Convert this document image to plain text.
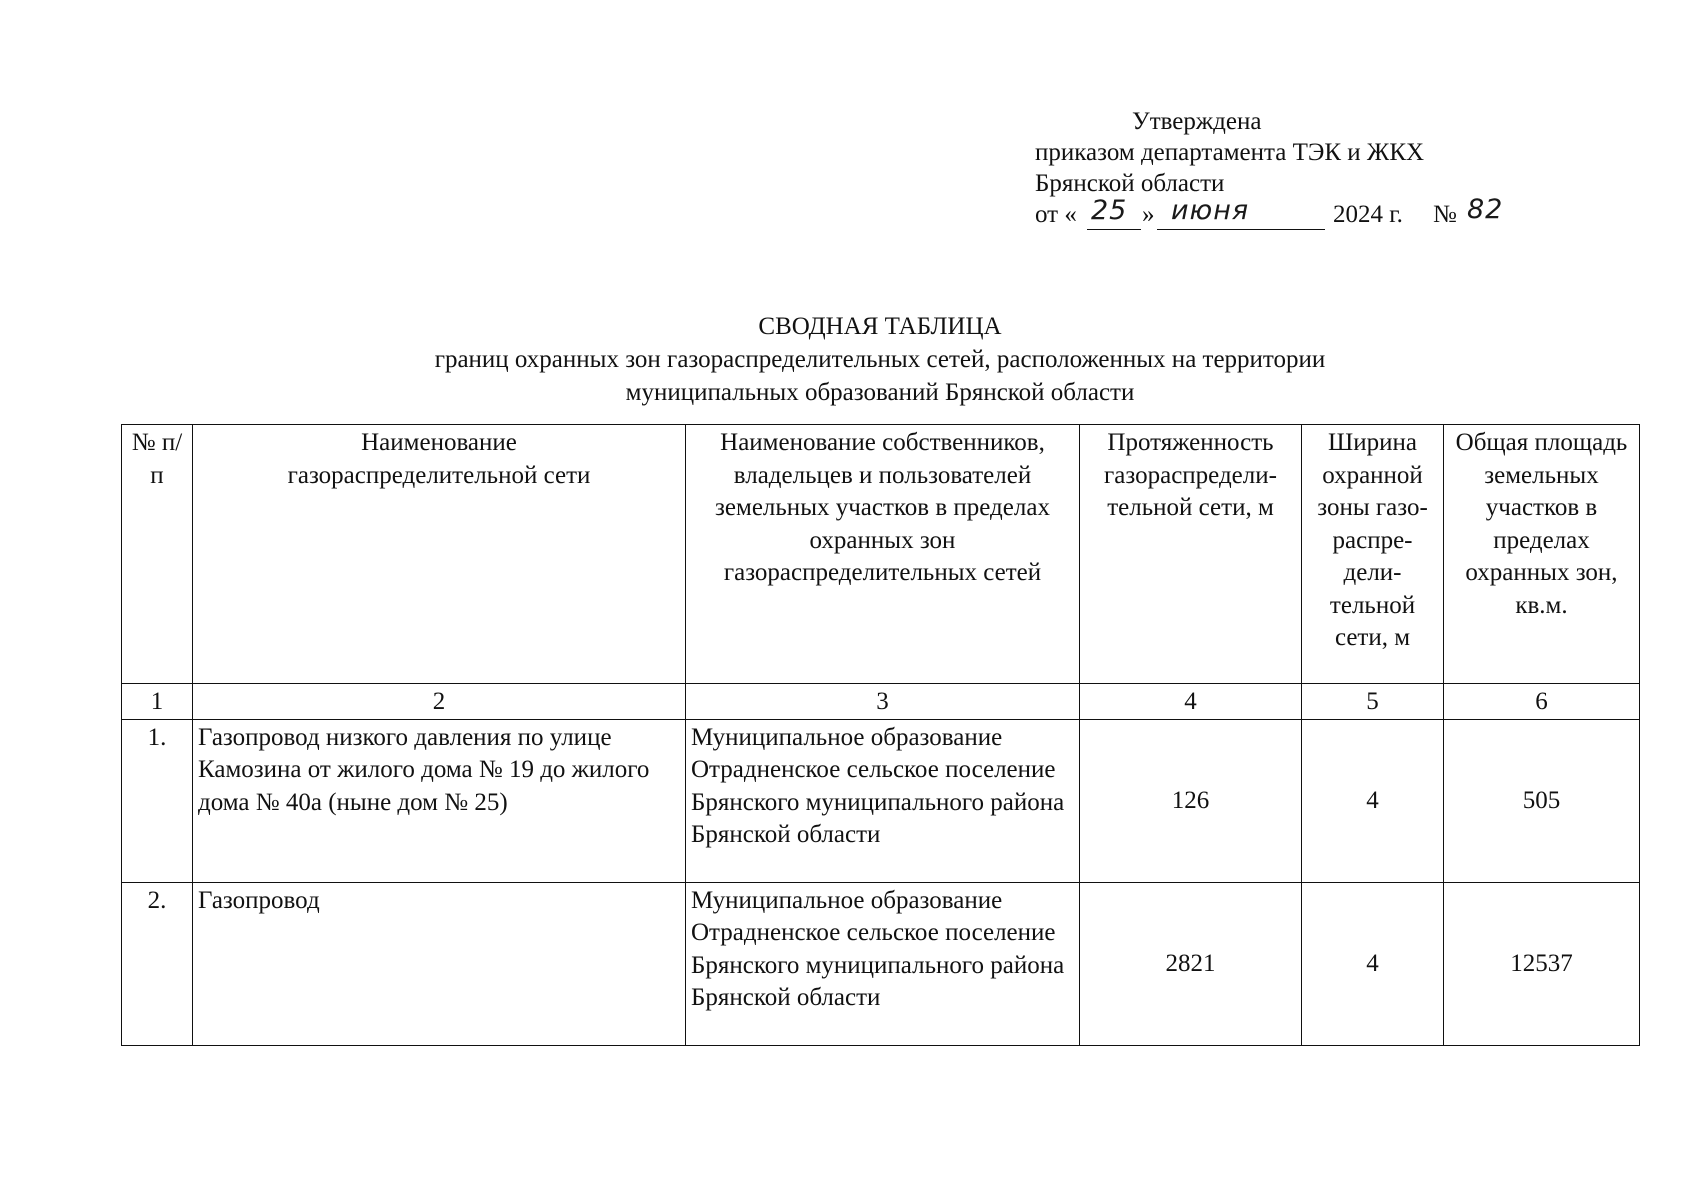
Утверждена
приказом департамента ТЭК и ЖКХ
Брянской области
от « 25 » июня	2024 г. № 82
СВОДНАЯ ТАБЛИЦА
границ охранных зон газораспределительных сетей, расположенных на территории
муниципальных образований Брянской области
№ п/п	Наименование газораспределительной сети	Наименование собственников, владельцев и пользователей земельных участков в пределах охранных зон газораспределительных сетей	Протяженность газораспредели-тельной сети, м	Ширина охранной зоны газо-распре-дели-тельной сети, м	Общая площадь земельных участков в пределах охранных зон, кв.м.
1	2	3	4	5	6
1.	Газопровод низкого давления по улице Камозина от жилого дома № 19 до жилого дома № 40а (ныне дом № 25)	Муниципальное образование Отрадненское сельское поселение Брянского муниципального района Брянской области	126	4	505
2.	Газопровод	Муниципальное образование Отрадненское сельское поселение Брянского муниципального района Брянской области	2821	4	12537
